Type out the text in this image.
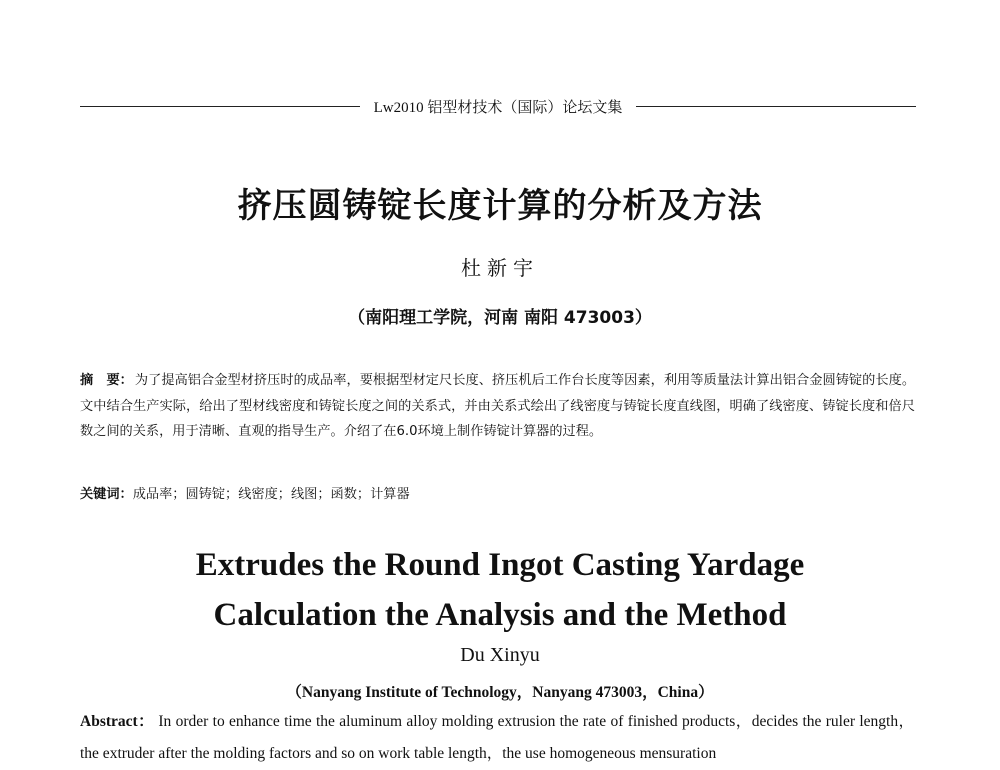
Lw2010 铝型材技术（国际）论坛文集
挤压圆铸锭长度计算的分析及方法
杜新宇
（南阳理工学院，河南 南阳 473003）
摘　要： 为了提高铝合金型材挤压时的成品率，要根据型材定尺长度、挤压机后工作台长度等因素，利用等质量法计算出铝合金圆铸锭的长度。文中结合生产实际，给出了型材线密度和铸锭长度之间的关系式，并由关系式绘出了线密度与铸锭长度直线图，明确了线密度、铸锭长度和倍尺数之间的关系，用于清晰、直观的指导生产。介绍了在6.0环境上制作铸锭计算器的过程。
关键词：成品率；圆铸锭；线密度；线图；函数；计算器
Extrudes the Round Ingot Casting Yardage
Calculation the Analysis and the Method
Du Xinyu
（Nanyang Institute of Technology，Nanyang 473003，China）
Abstract： In order to enhance time the aluminum alloy molding extrusion the rate of finished products，decides the ruler length，the extruder after the molding factors and so on work table length，the use homogeneous mensuration
